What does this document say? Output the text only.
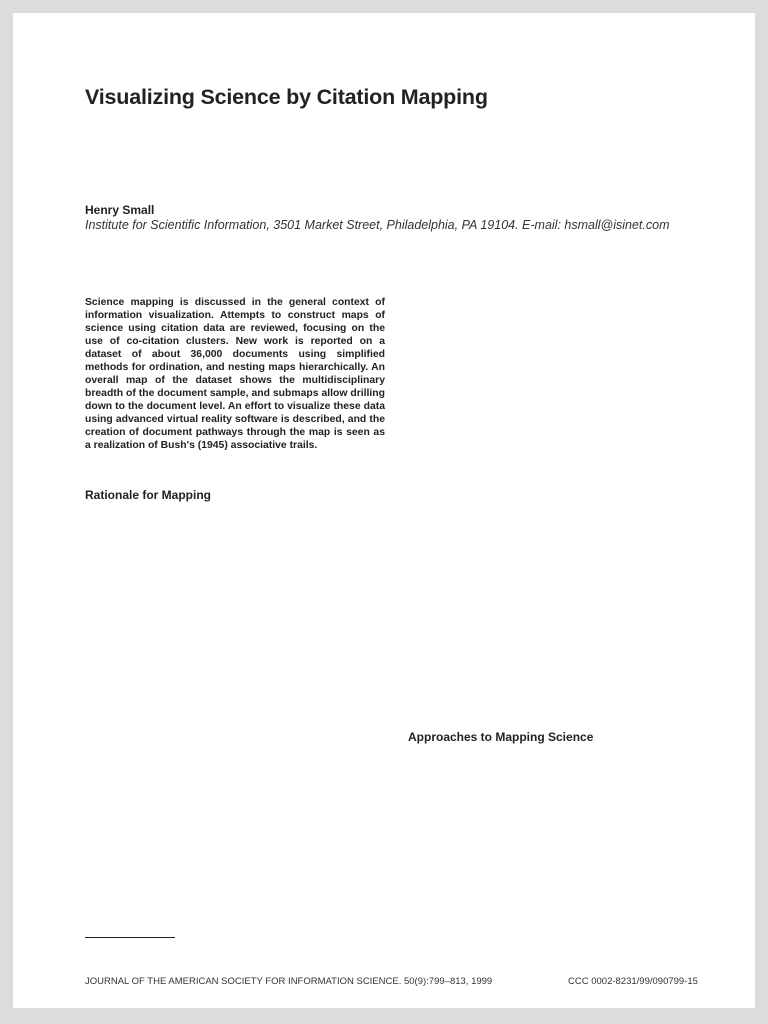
Visualizing Science by Citation Mapping
Henry Small
Institute for Scientific Information, 3501 Market Street, Philadelphia, PA 19104. E-mail: hsmall@isinet.com

Science mapping is discussed in the general context of information visualization. Attempts to construct maps of science using citation data are reviewed, focusing on the use of co-citation clusters. New work is reported on a dataset of about 36,000 documents using simplified methods for ordination, and nesting maps hierarchically. An overall map of the dataset shows the multidisciplinary breadth of the document sample, and submaps allow drilling down to the document level. An effort to visualize these data using advanced virtual reality software is described, and the creation of document pathways through the map is seen as a realization of Bush's (1945) associative trails.

Rationale for Mapping
Approaches to Mapping Science
JOURNAL OF THE AMERICAN SOCIETY FOR INFORMATION SCIENCE. 50(9):799–813, 1999	CCC 0002-8231/99/090799-15
